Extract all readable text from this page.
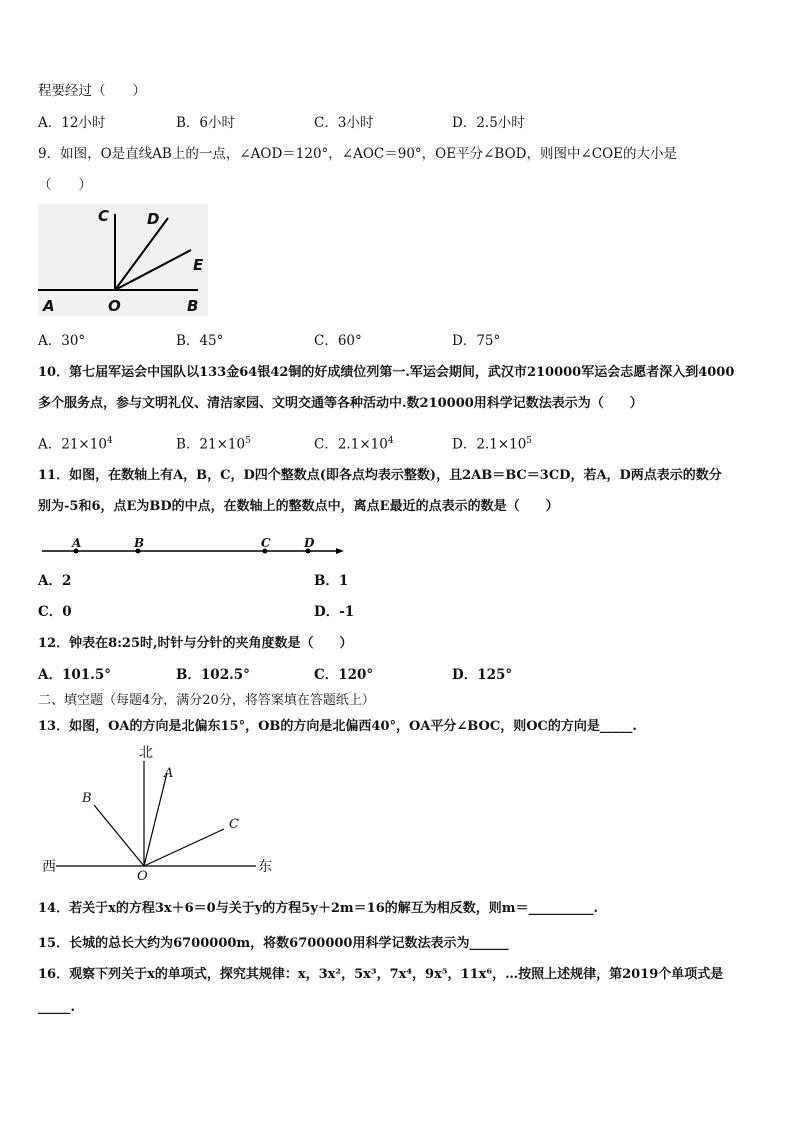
程要经过（　　）
A．12小时	B．6小时	C．3小时	D．2.5小时
9．如图，O是直线AB上的一点，∠AOD＝120°，∠AOC＝90°，OE平分∠BOD，则图中∠COE的大小是
（　　）
C	D
E
A	O	B
A．30°	B．45°	C．60°	D．75°
10．第七届军运会中国队以133金64银42铜的好成绩位列第一.军运会期间，武汉市210000军运会志愿者深入到4000
多个服务点，参与文明礼仪、清洁家园、文明交通等各种活动中.数210000用科学记数法表示为（　　）
A．$21\times 10^4$	B．$21\times 10^5$	C．$2.1\times 10^4$	D．$2.1\times 10^5$
11．如图，在数轴上有A，B，C，D四个整数点(即各点均表示整数)，且2AB＝BC＝3CD，若A，D两点表示的数分
别为-5和6，点E为BD的中点，在数轴上的整数点中，离点E最近的点表示的数是（　　）
A	B	C	D
A．2	B．1
C．0	D．-1
12．钟表在8:25时,时针与分针的夹角度数是（　　）
A．101.5°	B．102.5°	C．120°	D．125°
二、填空题（每题4分，满分20分，将答案填在答题纸上）
13．如图，OA的方向是北偏东15°，OB的方向是北偏西40°，OA平分∠BOC，则OC的方向是_____.
北
A
B
C
西	东
O
14．若关于x的方程3x＋6＝0与关于y的方程5y＋2m＝16的解互为相反数，则m＝__________.
15．长城的总长大约为6700000m，将数6700000用科学记数法表示为______
16．观察下列关于x的单项式，探究其规律：x，3x²，5x³，7x⁴，9x⁵，11x⁶，…按照上述规律，第2019个单项式是
_____.
